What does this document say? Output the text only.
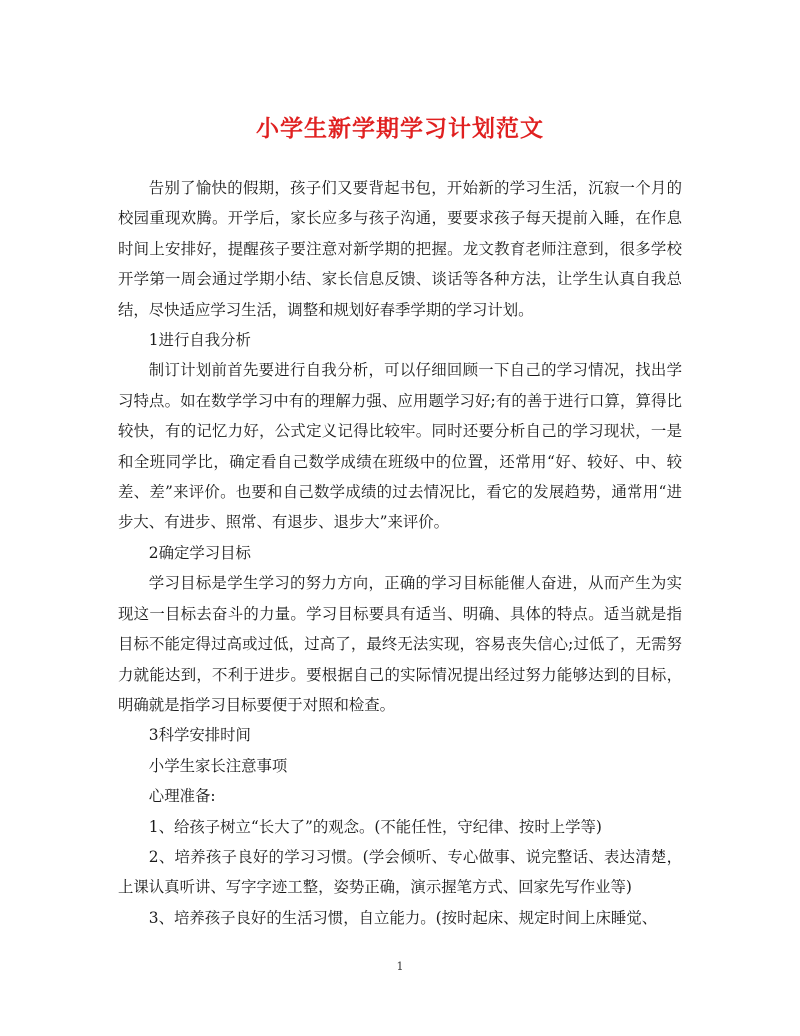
小学生新学期学习计划范文

告别了愉快的假期，孩子们又要背起书包，开始新的学习生活，沉寂一个月的校园重现欢腾。开学后，家长应多与孩子沟通，要要求孩子每天提前入睡，在作息时间上安排好，提醒孩子要注意对新学期的把握。龙文教育老师注意到，很多学校开学第一周会通过学期小结、家长信息反馈、谈话等各种方法，让学生认真自我总结，尽快适应学习生活，调整和规划好春季学期的学习计划。

1进行自我分析

制订计划前首先要进行自我分析，可以仔细回顾一下自己的学习情况，找出学习特点。如在数学学习中有的理解力强、应用题学习好;有的善于进行口算，算得比较快，有的记忆力好，公式定义记得比较牢。同时还要分析自己的学习现状，一是和全班同学比，确定看自己数学成绩在班级中的位置，还常用“好、较好、中、较差、差”来评价。也要和自己数学成绩的过去情况比，看它的发展趋势，通常用“进步大、有进步、照常、有退步、退步大”来评价。

2确定学习目标

学习目标是学生学习的努力方向，正确的学习目标能催人奋进，从而产生为实现这一目标去奋斗的力量。学习目标要具有适当、明确、具体的特点。适当就是指目标不能定得过高或过低，过高了，最终无法实现，容易丧失信心;过低了，无需努力就能达到，不利于进步。要根据自己的实际情况提出经过努力能够达到的目标，明确就是指学习目标要便于对照和检查。

3科学安排时间

小学生家长注意事项

心理准备:

1、给孩子树立“长大了”的观念。(不能任性，守纪律、按时上学等)

2、培养孩子良好的学习习惯。(学会倾听、专心做事、说完整话、表达清楚，上课认真听讲、写字字迹工整，姿势正确，演示握笔方式、回家先写作业等)

3、培养孩子良好的生活习惯，自立能力。(按时起床、规定时间上床睡觉、

1
